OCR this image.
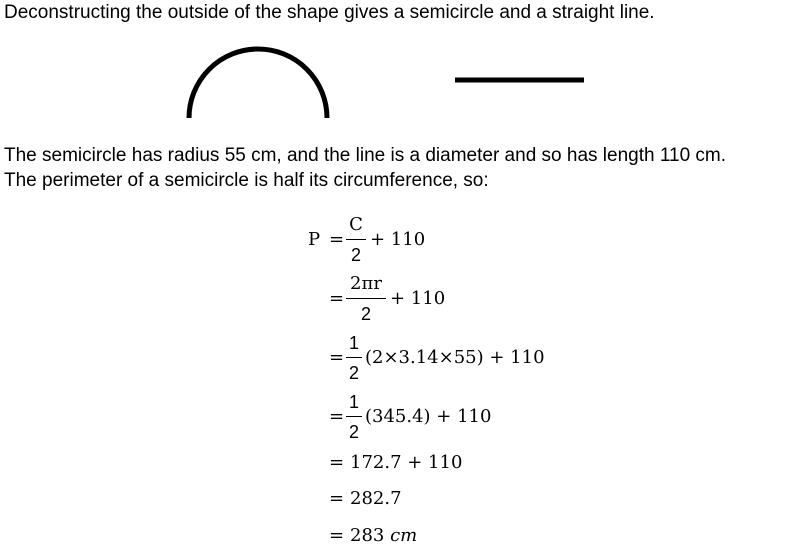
Deconstructing the outside of the shape gives a semicircle and a straight line.
The semicircle has radius 55 cm, and the line is a diameter and so has length 110 cm.
The perimeter of a semicircle is half its circumference, so:
P =
C
2
+ 110
=
2πr
2
+ 110
=
1
2
(2×3.14×55) + 110
=
1
2
(345.4) + 110
= 172.7 + 110
= 282.7
= 283 cm
